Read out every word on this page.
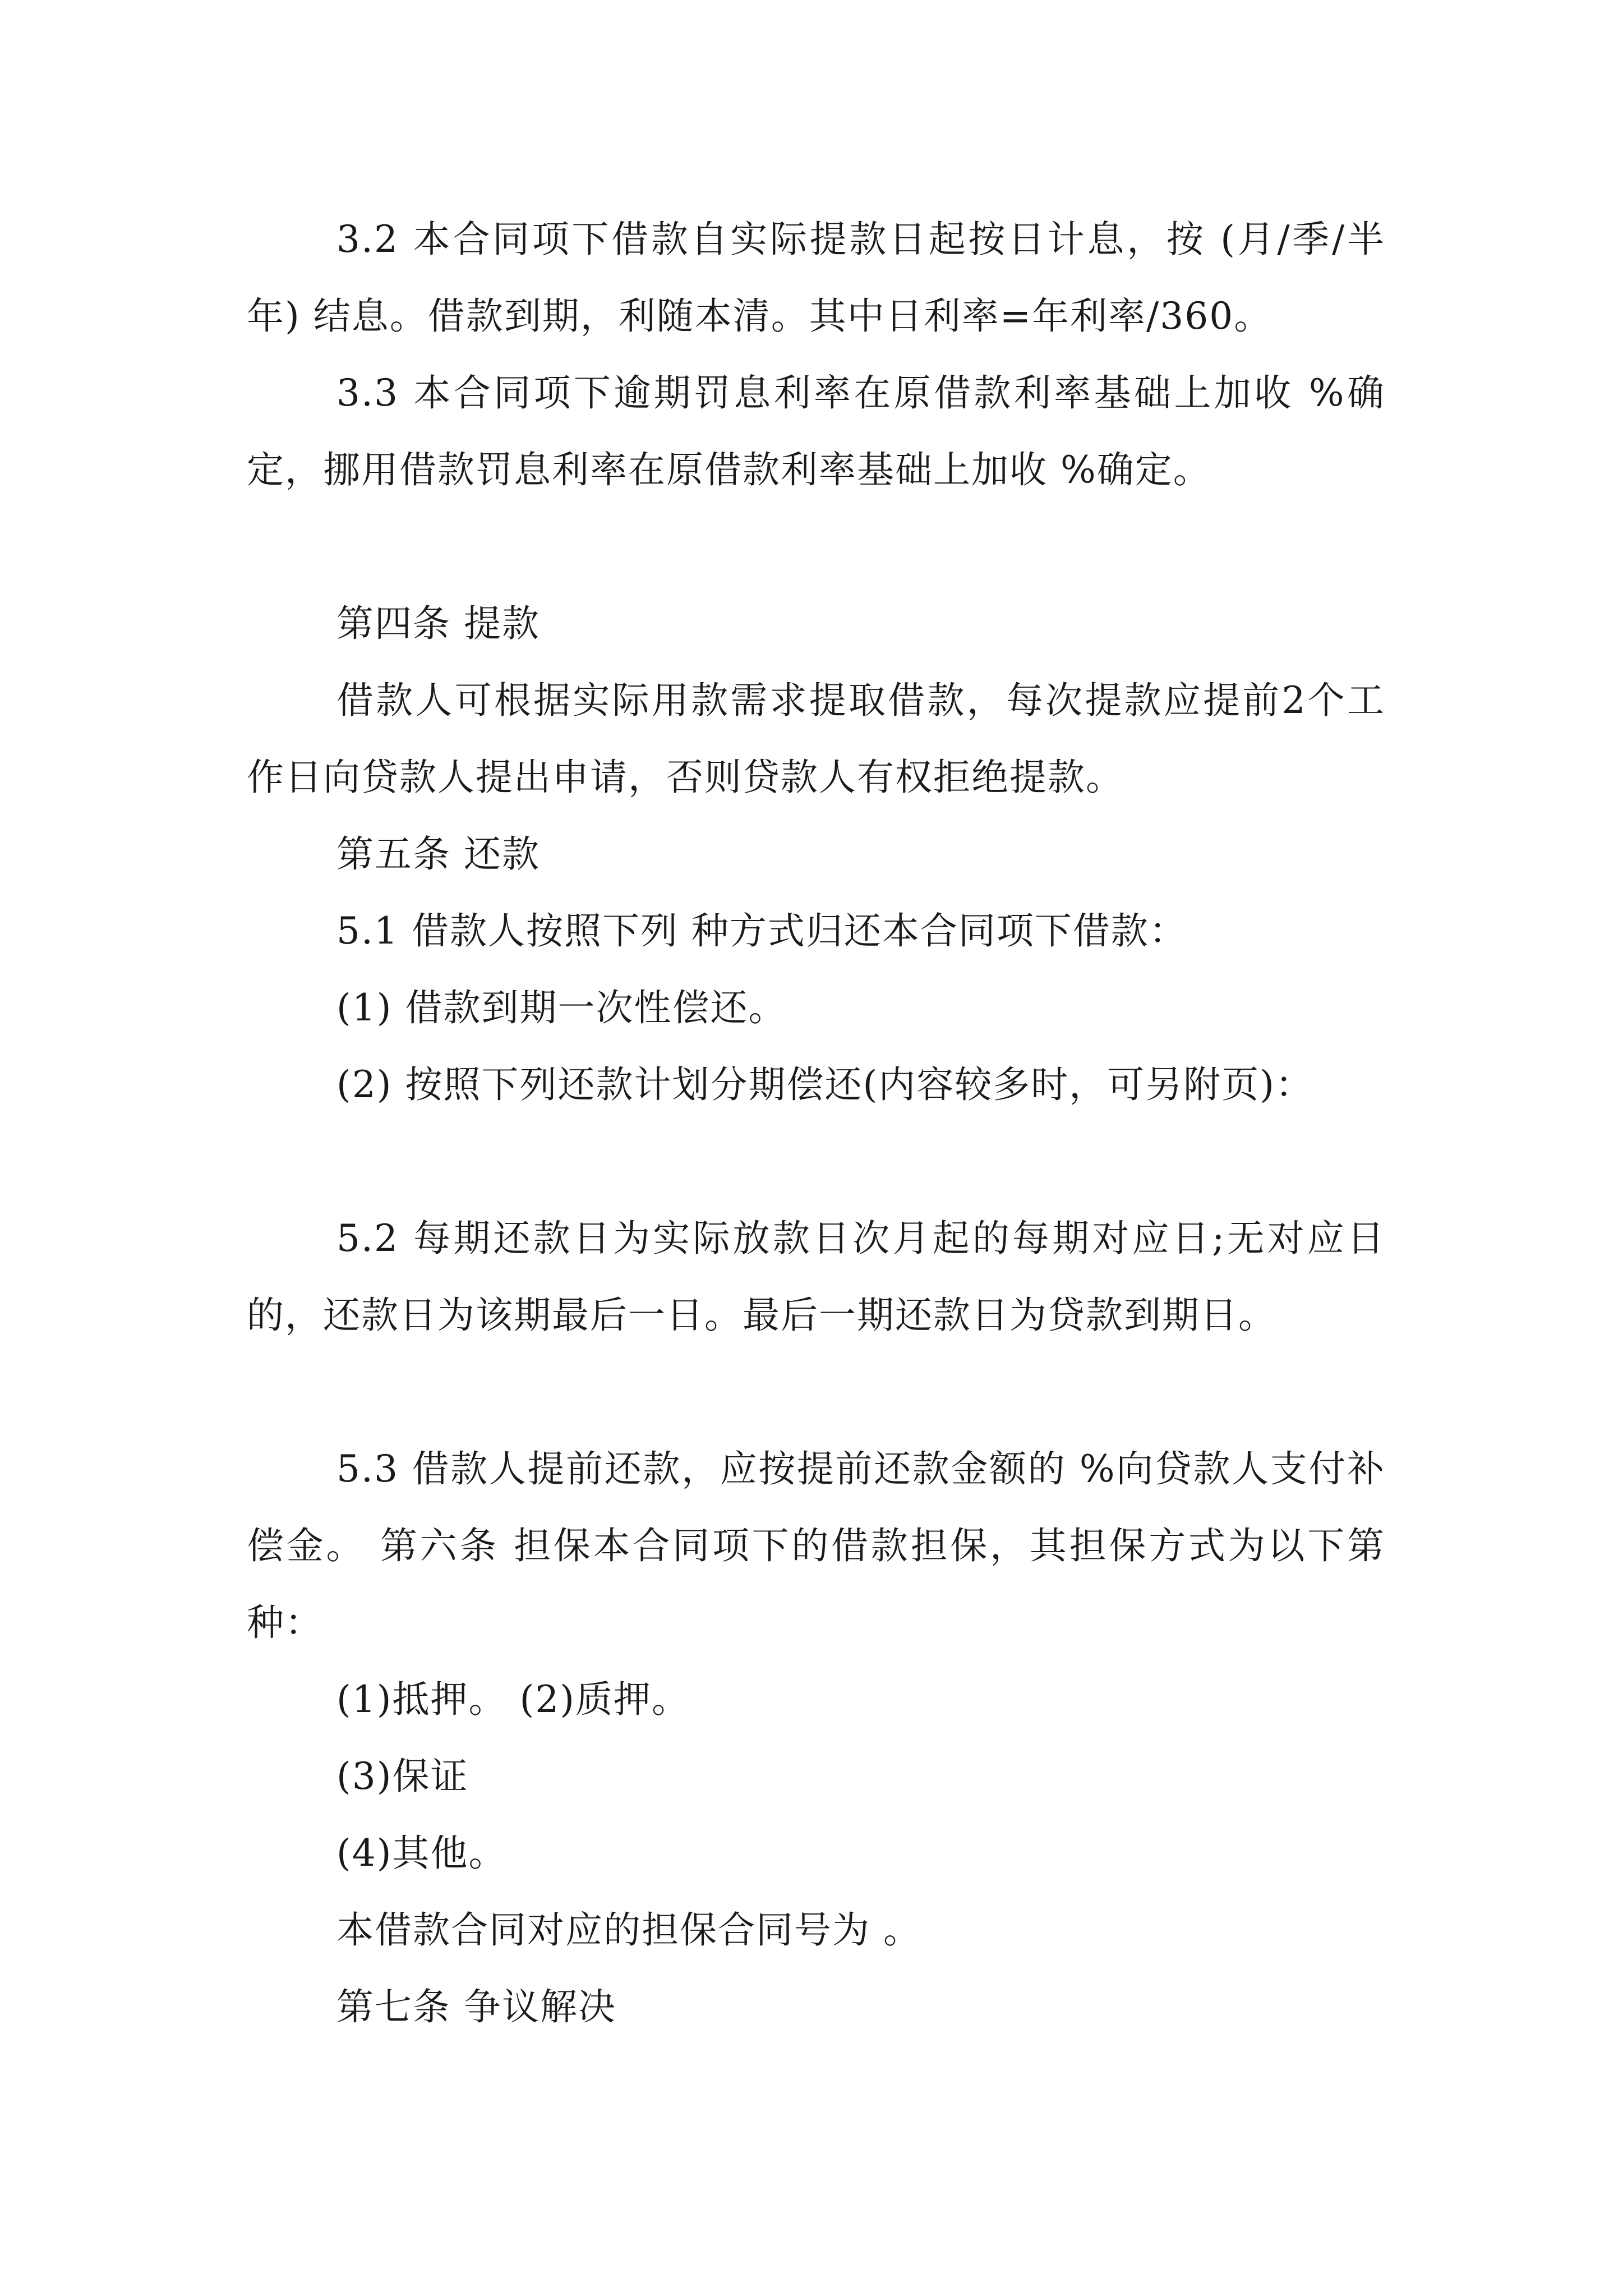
3.2 本合同项下借款自实际提款日起按日计息，按 (月/季/半年) 结息。借款到期，利随本清。其中日利率=年利率/360。

3.3 本合同项下逾期罚息利率在原借款利率基础上加收 %确定，挪用借款罚息利率在原借款利率基础上加收 %确定。

第四条 提款

借款人可根据实际用款需求提取借款，每次提款应提前2个工作日向贷款人提出申请，否则贷款人有权拒绝提款。

第五条 还款

5.1 借款人按照下列 种方式归还本合同项下借款：

(1) 借款到期一次性偿还。

(2) 按照下列还款计划分期偿还(内容较多时，可另附页)：

5.2 每期还款日为实际放款日次月起的每期对应日;无对应日的，还款日为该期最后一日。最后一期还款日为贷款到期日。

5.3 借款人提前还款，应按提前还款金额的 %向贷款人支付补偿金。 第六条 担保本合同项下的借款担保，其担保方式为以下第 种：

(1)抵押。 (2)质押。

(3)保证

(4)其他。

本借款合同对应的担保合同号为 。

第七条 争议解决
